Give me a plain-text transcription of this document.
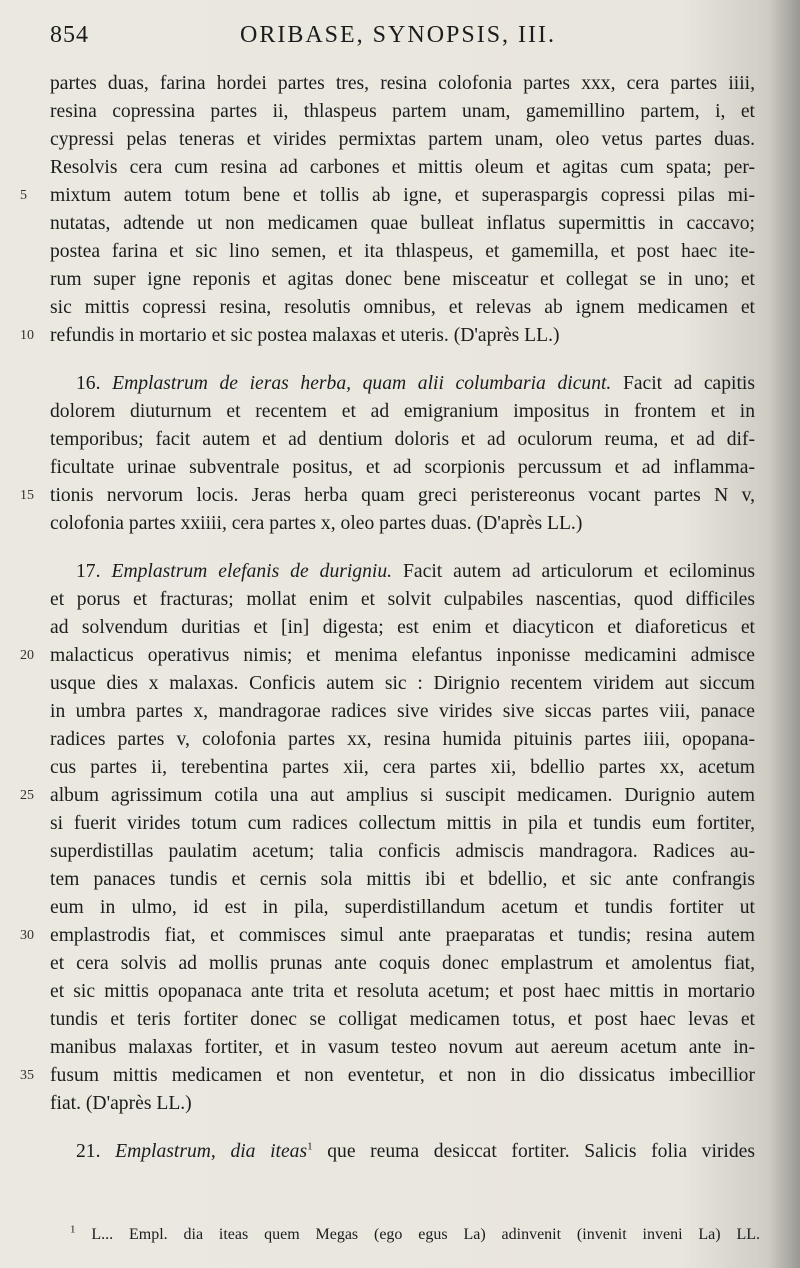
854	ORIBASE, SYNOPSIS, III.
partes duas, farina hordei partes tres, resina colofonia partes xxx, cera partes iiii,
resina copressina partes ii, thlaspeus partem unam, gamemillino partem, i, et
cypressi pelas teneras et virides permixtas partem unam, oleo vetus partes duas.
Resolvis cera cum resina ad carbones et mittis oleum et agitas cum spata; per-
5	mixtum autem totum bene et tollis ab igne, et superaspargis copressi pilas mi-
nutatas, adtende ut non medicamen quae bulleat inflatus supermittis in caccavo;
postea farina et sic lino semen, et ita thlaspeus, et gamemilla, et post haec ite-
rum super igne reponis et agitas donec bene misceatur et collegat se in uno; et
sic mittis copressi resina, resolutis omnibus, et relevas ab ignem medicamen et
10 refundis in mortario et sic postea malaxas et uteris. (D'après LL.)
16. Emplastrum de ieras herba, quam alii columbaria dicunt. Facit ad capitis
dolorem diuturnum et recentem et ad emigranium impositus in frontem et in
temporibus; facit autem et ad dentium doloris et ad oculorum reuma, et ad dif-
ficultate urinae subventrale positus, et ad scorpionis percussum et ad inflamma-
15 tionis nervorum locis. Jeras herba quam greci peristereonus vocant partes N v,
colofonia partes xxiiii, cera partes x, oleo partes duas. (D'après LL.)
17. Emplastrum elefanis de durigniu. Facit autem ad articulorum et ecilominus
et porus et fracturas; mollat enim et solvit culpabiles nascentias, quod difficiles
ad solvendum duritias et [in] digesta; est enim et diacyticon et diaforeticus et
20 malacticus operativus nimis; et menima elefantus inponisse medicamini admisce
usque dies x malaxas. Conficis autem sic : Dirignio recentem viridem aut siccum
in umbra partes x, mandragorae radices sive virides sive siccas partes viii, panace
radices partes v, colofonia partes xx, resina humida pituinis partes iiii, opopana-
cus partes ii, terebentina partes xii, cera partes xii, bdellio partes xx, acetum
25 album agrissimum cotila una aut amplius si suscipit medicamen. Durignio autem
si fuerit virides totum cum radices collectum mittis in pila et tundis eum fortiter,
superdistillas paulatim acetum; talia conficis admiscis mandragora. Radices au-
tem panaces tundis et cernis sola mittis ibi et bdellio, et sic ante confrangis
eum in ulmo, id est in pila, superdistillandum acetum et tundis fortiter ut
30 emplastrodis fiat, et commisces simul ante praeparatas et tundis; resina autem
et cera solvis ad mollis prunas ante coquis donec emplastrum et amolentus fiat,
et sic mittis opopanaca ante trita et resoluta acetum; et post haec mittis in mortario
tundis et teris fortiter donec se colligat medicamen totus, et post haec levas et
manibus malaxas fortiter, et in vasum testeo novum aut aereum acetum ante in-
35 fusum mittis medicamen et non eventetur, et non in dio dissicatus imbecillior
fiat. (D'après LL.)
21. Emplastrum, dia iteas$^1$ que reuma desiccat fortiter. Salicis folia virides
$^1$ L... Empl. dia iteas quem Megas (ego egus La) adinvenit (invenit inveni La) LL.
